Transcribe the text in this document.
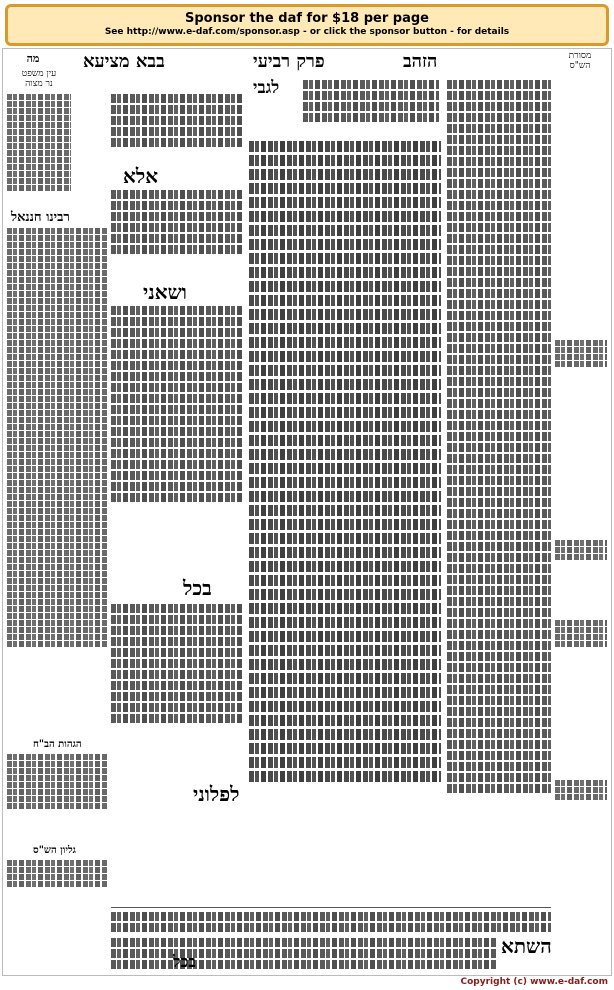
Sponsor the daf for $18 per page
See http://www.e-daf.com/sponsor.asp - or click the sponsor button - for details
מה	בבא מציעא	פרק רביעי	הזהב
עין משפט
נר מצוה
מסורת
הש"ס
רבינו חננאל
אלא
ושאני
בכל
לפלוני
הגהות הב"ח
גליון הש"ס
לגבי
השתא
בכל
Copyright (c) www.e-daf.com
